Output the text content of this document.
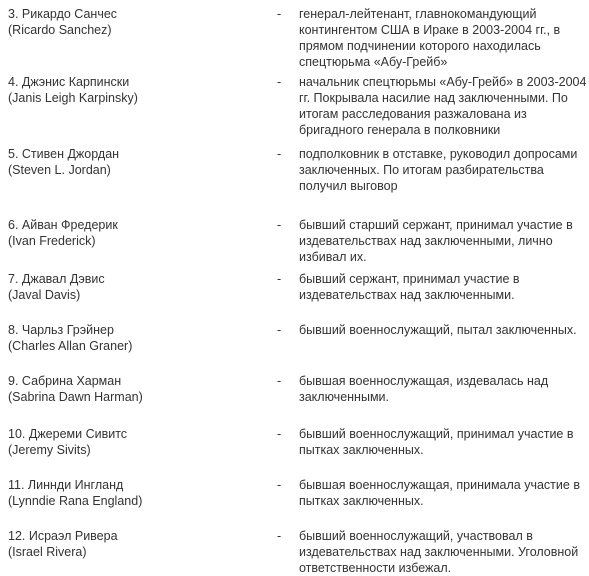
3. Рикардо Санчес
(Ricardo Sanchez)
- генерал-лейтенант, главнокомандующий контингентом США в Ираке в 2003-2004 гг., в прямом подчинении которого находилась спецтюрьма «Абу-Грейб»
4. Джэнис Карпински
(Janis Leigh Karpinsky)
- начальник спецтюрьмы «Абу-Грейб» в 2003-2004 гг. Покрывала насилие над заключенными. По итогам расследования разжалована из бригадного генерала в полковники
5. Стивен Джордан
(Steven L. Jordan)
- подполковник в отставке, руководил допросами заключенных. По итогам разбирательства получил выговор
6. Айван Фредерик
(Ivan Frederick)
- бывший старший сержант, принимал участие в издевательствах над заключенными, лично избивал их.
7. Джавал Дэвис
(Javal Davis)
- бывший сержант, принимал участие в издевательствах над заключенными.
8. Чарльз Грэйнер
(Charles Allan Graner)
- бывший военнослужащий, пытал заключенных.
9. Сабрина Харман
(Sabrina Dawn Harman)
- бывшая военнослужащая, издевалась над заключенными.
10. Джереми Сивитс
(Jeremy Sivits)
- бывший военнослужащий, принимал участие в пытках заключенных.
11. Линнди Ингланд
(Lynndie Rana England)
- бывшая военнослужащая, принимала участие в пытках заключенных.
12. Исраэл Ривера
(Israel Rivera)
- бывший военнослужащий, участвовал в издевательствах над заключенными. Уголовной ответственности избежал.
